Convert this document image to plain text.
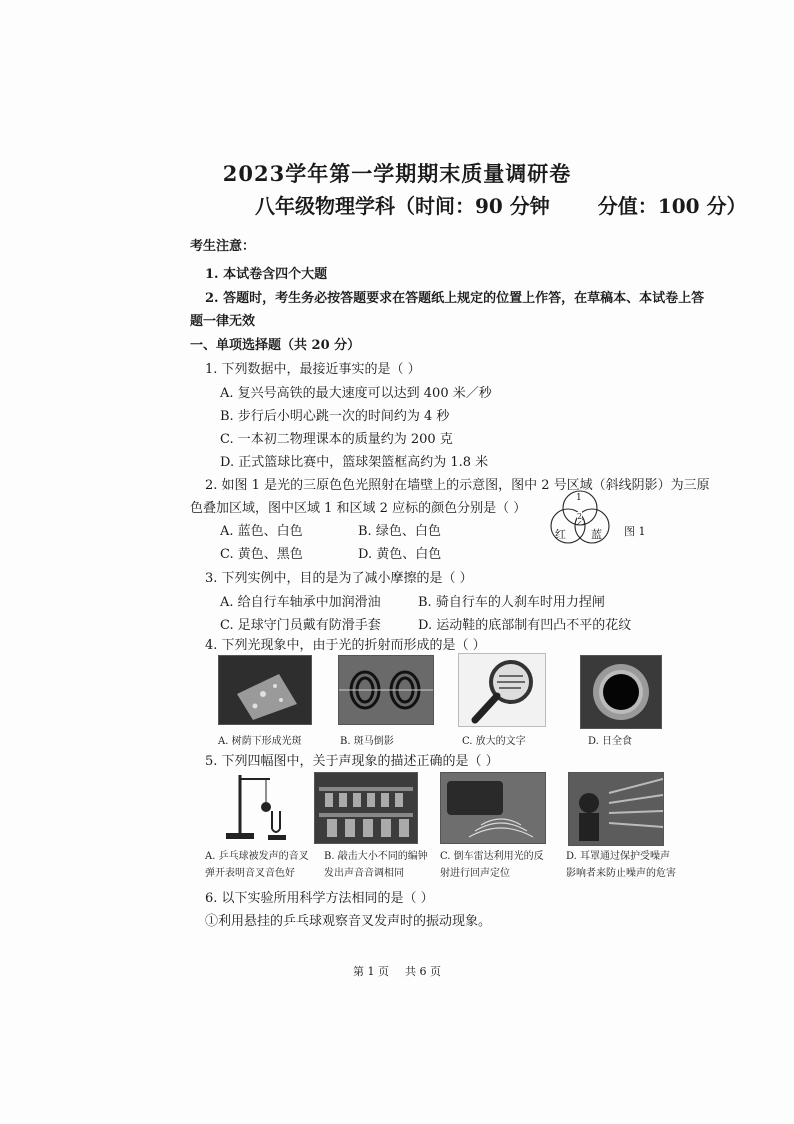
2023学年第一学期期末质量调研卷
八年级物理学科（时间：90 分钟 分值：100 分）
考生注意：
1. 本试卷含四个大题
2. 答题时，考生务必按答题要求在答题纸上规定的位置上作答，在草稿本、本试卷上答
题一律无效
一、单项选择题（共 20 分）
1. 下列数据中，最接近事实的是（ ）
A. 复兴号高铁的最大速度可以达到 400 米／秒
B. 步行后小明心跳一次的时间约为 4 秒
C. 一本初二物理课本的质量约为 200 克
D. 正式篮球比赛中，篮球架篮框高约为 1.8 米
2. 如图 1 是光的三原色色光照射在墙壁上的示意图，图中 2 号区域（斜线阴影）为三原
色叠加区域，图中区域 1 和区域 2 应标的颜色分别是（ ）
A. 蓝色、白色	B. 绿色、白色
C. 黄色、黑色	D. 黄色、白色
1
2
红 蓝 图 1
3. 下列实例中，目的是为了减小摩擦的是（ ）
A. 给自行车轴承中加润滑油	B. 骑自行车的人刹车时用力捏闸
C. 足球守门员戴有防滑手套	D. 运动鞋的底部制有凹凸不平的花纹
4. 下列光现象中，由于光的折射而形成的是（ ）
A. 树荫下形成光斑	B. 斑马倒影	C. 放大的文字	D. 日全食
5. 下列四幅图中，关于声现象的描述正确的是（ ）
A. 乒乓球被发声的音叉弹开表明音叉音色好
B. 敲击大小不同的编钟发出声音音调相同
C. 倒车雷达利用光的反射进行回声定位
D. 耳罩通过保护受噪声影响者来防止噪声的危害
6. 以下实验所用科学方法相同的是（ ）
①利用悬挂的乒乓球观察音叉发声时的振动现象。
第 1 页 共 6 页
